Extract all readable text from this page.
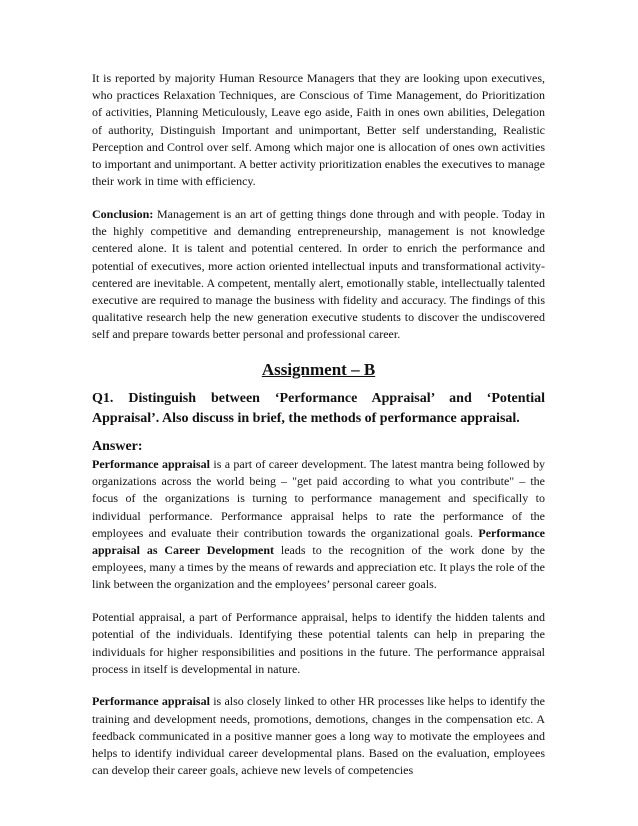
It is reported by majority Human Resource Managers that they are looking upon executives, who practices Relaxation Techniques, are Conscious of Time Management, do Prioritization of activities, Planning Meticulously, Leave ego aside, Faith in ones own abilities, Delegation of authority, Distinguish Important and unimportant, Better self understanding, Realistic Perception and Control over self. Among which major one is allocation of ones own activities to important and unimportant. A better activity prioritization enables the executives to manage their work in time with efficiency.

Conclusion: Management is an art of getting things done through and with people. Today in the highly competitive and demanding entrepreneurship, management is not knowledge centered alone. It is talent and potential centered. In order to enrich the performance and potential of executives, more action oriented intellectual inputs and transformational activity-centered are inevitable. A competent, mentally alert, emotionally stable, intellectually talented executive are required to manage the business with fidelity and accuracy. The findings of this qualitative research help the new generation executive students to discover the undiscovered self and prepare towards better personal and professional career.

Assignment – B

Q1. Distinguish between ‘Performance Appraisal’ and ‘Potential Appraisal’. Also discuss in brief, the methods of performance appraisal.

Answer:

Performance appraisal is a part of career development. The latest mantra being followed by organizations across the world being – "get paid according to what you contribute" – the focus of the organizations is turning to performance management and specifically to individual performance. Performance appraisal helps to rate the performance of the employees and evaluate their contribution towards the organizational goals. Performance appraisal as Career Development leads to the recognition of the work done by the employees, many a times by the means of rewards and appreciation etc. It plays the role of the link between the organization and the employees’ personal career goals.

Potential appraisal, a part of Performance appraisal, helps to identify the hidden talents and potential of the individuals. Identifying these potential talents can help in preparing the individuals for higher responsibilities and positions in the future. The performance appraisal process in itself is developmental in nature.

Performance appraisal is also closely linked to other HR processes like helps to identify the training and development needs, promotions, demotions, changes in the compensation etc. A feedback communicated in a positive manner goes a long way to motivate the employees and helps to identify individual career developmental plans. Based on the evaluation, employees can develop their career goals, achieve new levels of competencies
